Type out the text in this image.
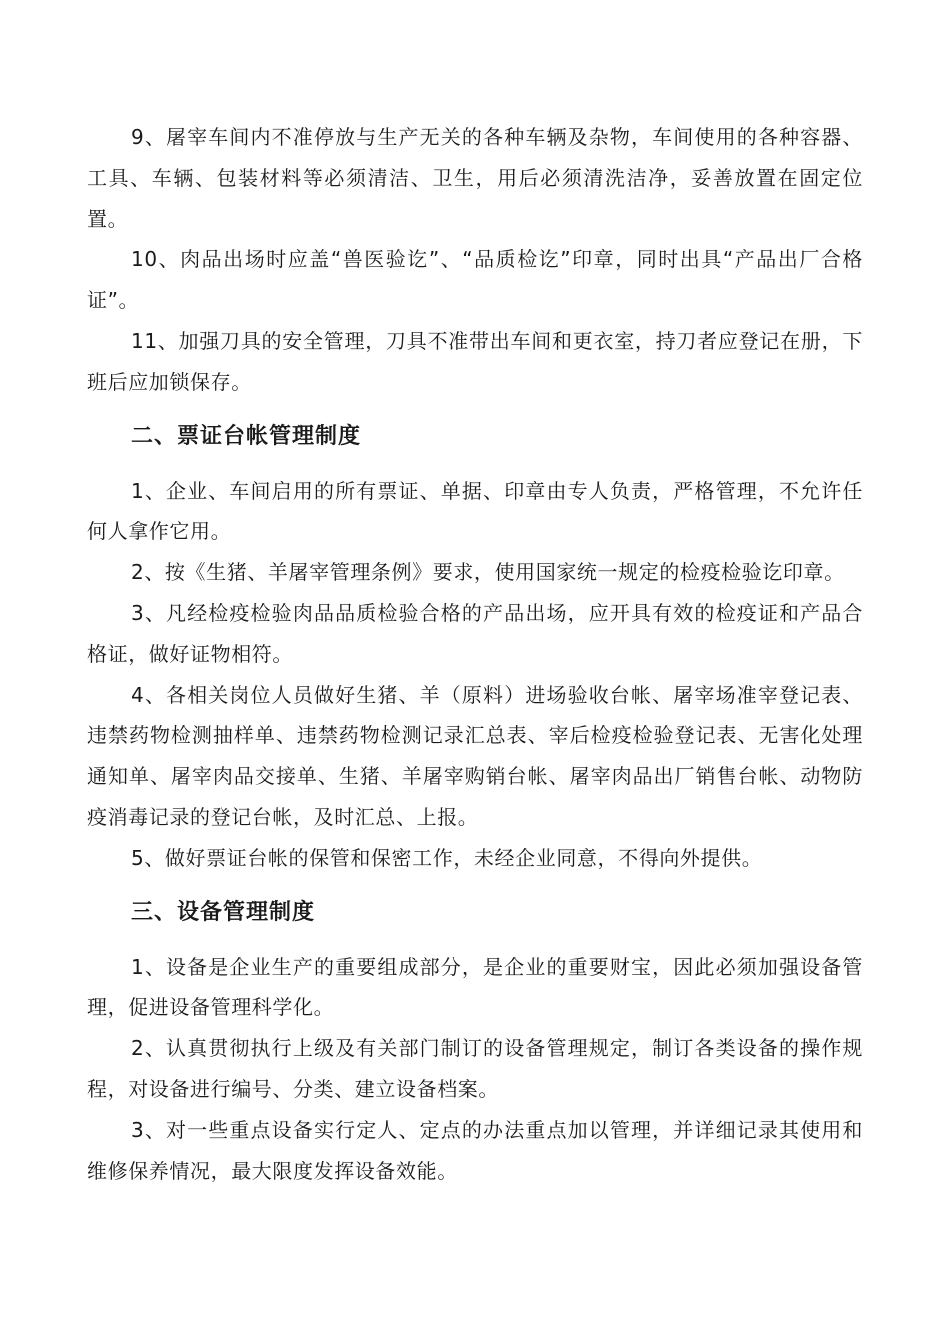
9、屠宰车间内不准停放与生产无关的各种车辆及杂物，车间使用的各种容器、工具、车辆、包装材料等必须清洁、卫生，用后必须清洗洁净，妥善放置在固定位置。

10、肉品出场时应盖“兽医验讫”、“品质检讫”印章，同时出具“产品出厂合格证”。

11、加强刀具的安全管理，刀具不准带出车间和更衣室，持刀者应登记在册，下班后应加锁保存。

二、票证台帐管理制度

1、企业、车间启用的所有票证、单据、印章由专人负责，严格管理，不允许任何人拿作它用。

2、按《生猪、羊屠宰管理条例》要求，使用国家统一规定的检疫检验讫印章。

3、凡经检疫检验肉品品质检验合格的产品出场，应开具有效的检疫证和产品合格证，做好证物相符。

4、各相关岗位人员做好生猪、羊（原料）进场验收台帐、屠宰场准宰登记表、违禁药物检测抽样单、违禁药物检测记录汇总表、宰后检疫检验登记表、无害化处理通知单、屠宰肉品交接单、生猪、羊屠宰购销台帐、屠宰肉品出厂销售台帐、动物防疫消毒记录的登记台帐，及时汇总、上报。

5、做好票证台帐的保管和保密工作，未经企业同意，不得向外提供。

三、设备管理制度

1、设备是企业生产的重要组成部分，是企业的重要财宝，因此必须加强设备管理，促进设备管理科学化。

2、认真贯彻执行上级及有关部门制订的设备管理规定，制订各类设备的操作规程，对设备进行编号、分类、建立设备档案。

3、对一些重点设备实行定人、定点的办法重点加以管理，并详细记录其使用和维修保养情况，最大限度发挥设备效能。
